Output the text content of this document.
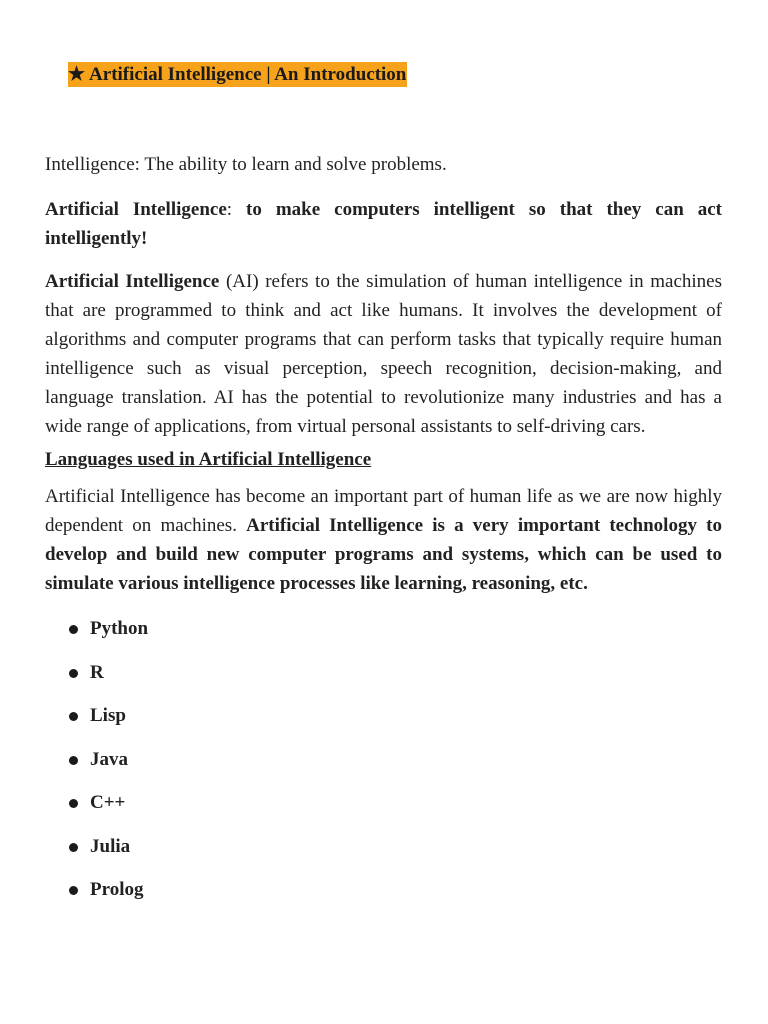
★ Artificial Intelligence | An Introduction

Intelligence: The ability to learn and solve problems.

Artificial Intelligence: to make computers intelligent so that they can act intelligently!

Artificial Intelligence (AI) refers to the simulation of human intelligence in machines that are programmed to think and act like humans. It involves the development of algorithms and computer programs that can perform tasks that typically require human intelligence such as visual perception, speech recognition, decision-making, and language translation. AI has the potential to revolutionize many industries and has a wide range of applications, from virtual personal assistants to self-driving cars.

Languages used in Artificial Intelligence

Artificial Intelligence has become an important part of human life as we are now highly dependent on machines. Artificial Intelligence is a very important technology to develop and build new computer programs and systems, which can be used to simulate various intelligence processes like learning, reasoning, etc.

Python
R
Lisp
Java
C++
Julia
Prolog
